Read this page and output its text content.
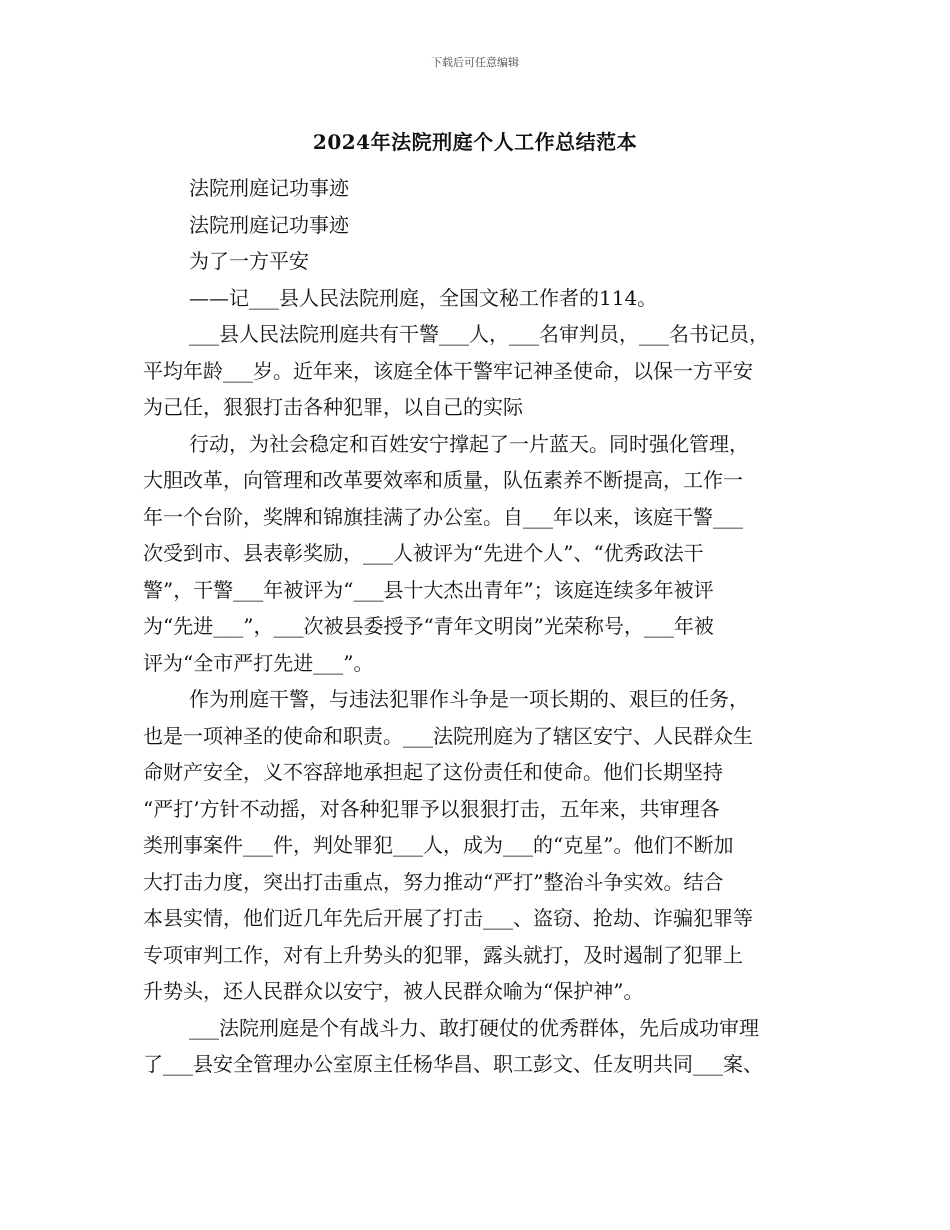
下载后可任意编辑
2024年法院刑庭个人工作总结范本
法院刑庭记功事迹
法院刑庭记功事迹
为了一方平安
——记___县人民法院刑庭，全国文秘工作者的114。
___县人民法院刑庭共有干警___人，___名审判员，___名书记员，
平均年龄___岁。近年来，该庭全体干警牢记神圣使命，以保一方平安
为己任，狠狠打击各种犯罪，以自己的实际
行动，为社会稳定和百姓安宁撑起了一片蓝天。同时强化管理，
大胆改革，向管理和改革要效率和质量，队伍素养不断提高，工作一
年一个台阶，奖牌和锦旗挂满了办公室。自___年以来，该庭干警___
次受到市、县表彰奖励，___人被评为“先进个人”、“优秀政法干
警”，干警___年被评为“___县十大杰出青年”；该庭连续多年被评
为“先进___”，___次被县委授予“青年文明岗”光荣称号，___年被
评为“全市严打先进___”。
作为刑庭干警，与违法犯罪作斗争是一项长期的、艰巨的任务，
也是一项神圣的使命和职责。___法院刑庭为了辖区安宁、人民群众生
命财产安全，义不容辞地承担起了这份责任和使命。他们长期坚持
“严打’方针不动摇，对各种犯罪予以狠狠打击，五年来，共审理各
类刑事案件___件，判处罪犯___人，成为___的“克星”。他们不断加
大打击力度，突出打击重点，努力推动“严打”整治斗争实效。结合
本县实情，他们近几年先后开展了打击___、盗窃、抢劫、诈骗犯罪等
专项审判工作，对有上升势头的犯罪，露头就打，及时遏制了犯罪上
升势头，还人民群众以安宁，被人民群众喻为“保护神”。
___法院刑庭是个有战斗力、敢打硬仗的优秀群体，先后成功审理
了___县安全管理办公室原主任杨华昌、职工彭文、任友明共同___案、
